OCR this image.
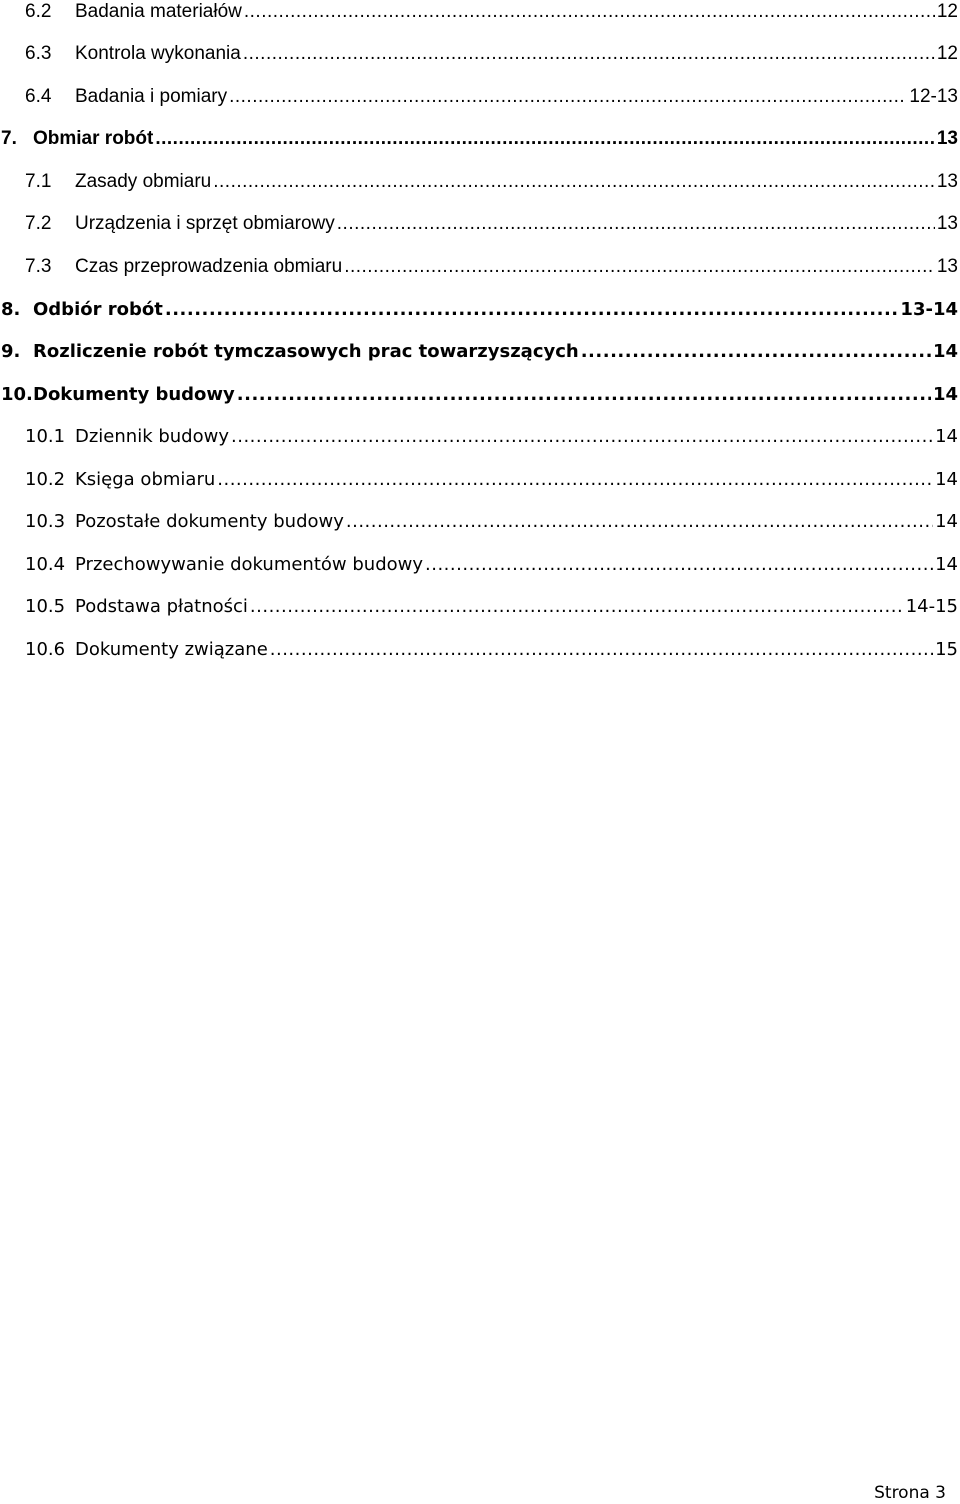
6.2	Badania materiałów .....	12
6.3	Kontrola wykonania .....	12
6.4	Badania i pomiary .....	12-13
7. Obmiar robót .....	13
7.1	Zasady obmiaru .....	13
7.2	Urządzenia i sprzęt obmiarowy .....	13
7.3	Czas przeprowadzenia obmiaru .....	13
8. Odbiór robót .....	13-14
9. Rozliczenie robót tymczasowych prac towarzyszących .....	14
10. Dokumenty budowy .....	14
10.1 Dziennik budowy .....	14
10.2 Księga obmiaru .....	14
10.3 Pozostałe dokumenty budowy .....	14
10.4 Przechowywanie dokumentów budowy .....	14
10.5 Podstawa płatności .....	14-15
10.6 Dokumenty związane .....	15
Strona 3
